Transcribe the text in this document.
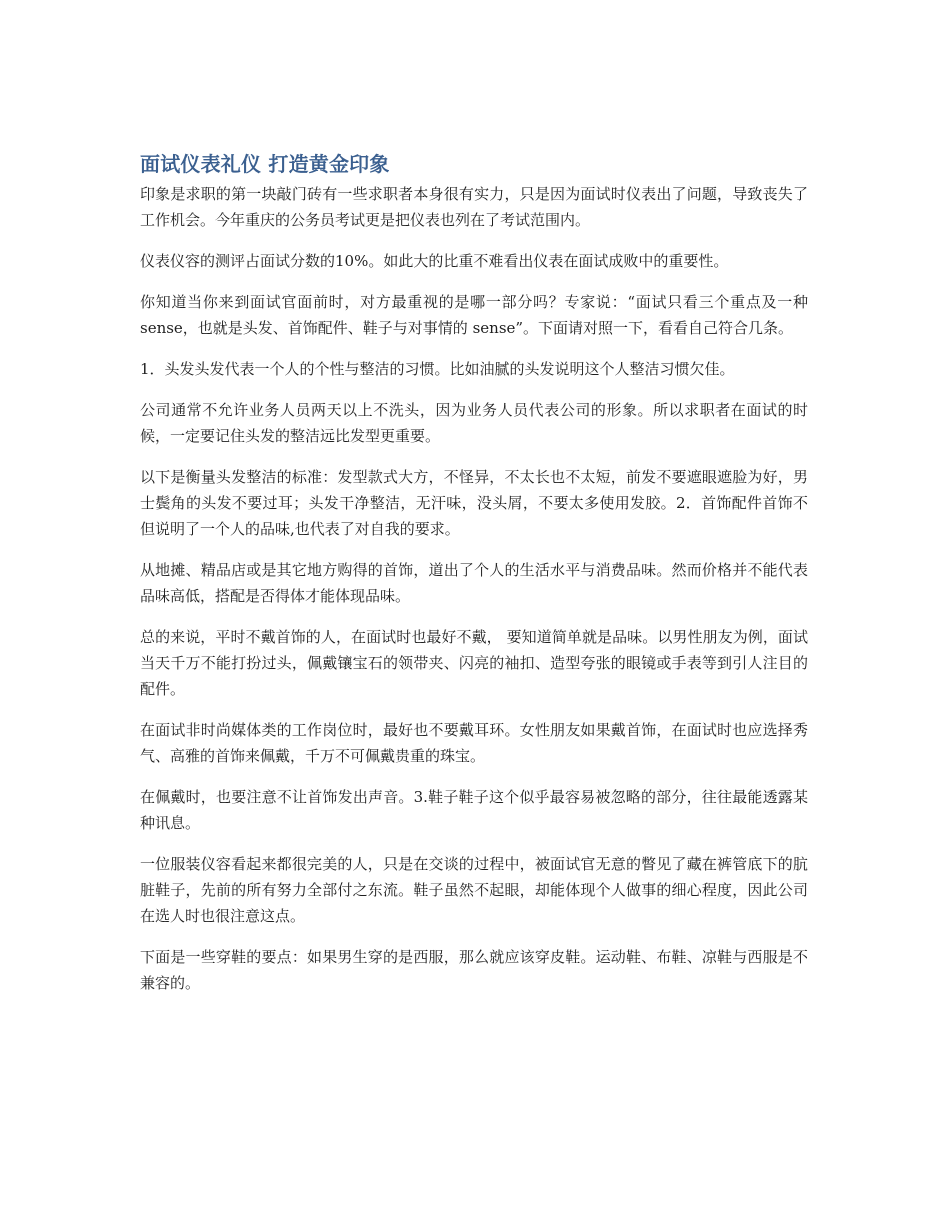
面试仪表礼仪 打造黄金印象

印象是求职的第一块敲门砖有一些求职者本身很有实力，只是因为面试时仪表出了问题，导致丧失了工作机会。今年重庆的公务员考试更是把仪表也列在了考试范围内。

仪表仪容的测评占面试分数的10%。如此大的比重不难看出仪表在面试成败中的重要性。

你知道当你来到面试官面前时，对方最重视的是哪一部分吗？专家说：“面试只看三个重点及一种 sense，也就是头发、首饰配件、鞋子与对事情的 sense”。下面请对照一下，看看自己符合几条。

1．头发头发代表一个人的个性与整洁的习惯。比如油腻的头发说明这个人整洁习惯欠佳。

公司通常不允许业务人员两天以上不洗头，因为业务人员代表公司的形象。所以求职者在面试的时候，一定要记住头发的整洁远比发型更重要。

以下是衡量头发整洁的标准：发型款式大方，不怪异，不太长也不太短，前发不要遮眼遮脸为好，男士鬓角的头发不要过耳；头发干净整洁，无汗味，没头屑，不要太多使用发胶。2．首饰配件首饰不但说明了一个人的品味,也代表了对自我的要求。

从地摊、精品店或是其它地方购得的首饰，道出了个人的生活水平与消费品味。然而价格并不能代表品味高低，搭配是否得体才能体现品味。

总的来说，平时不戴首饰的人，在面试时也最好不戴， 要知道简单就是品味。以男性朋友为例，面试当天千万不能打扮过头，佩戴镶宝石的领带夹、闪亮的袖扣、造型夸张的眼镜或手表等到引人注目的配件。

在面试非时尚媒体类的工作岗位时，最好也不要戴耳环。女性朋友如果戴首饰，在面试时也应选择秀气、高雅的首饰来佩戴，千万不可佩戴贵重的珠宝。

在佩戴时，也要注意不让首饰发出声音。3.鞋子鞋子这个似乎最容易被忽略的部分，往往最能透露某种讯息。

一位服装仪容看起来都很完美的人，只是在交谈的过程中，被面试官无意的瞥见了藏在裤管底下的肮脏鞋子，先前的所有努力全部付之东流。鞋子虽然不起眼，却能体现个人做事的细心程度，因此公司在选人时也很注意这点。

下面是一些穿鞋的要点：如果男生穿的是西服，那么就应该穿皮鞋。运动鞋、布鞋、凉鞋与西服是不兼容的。
